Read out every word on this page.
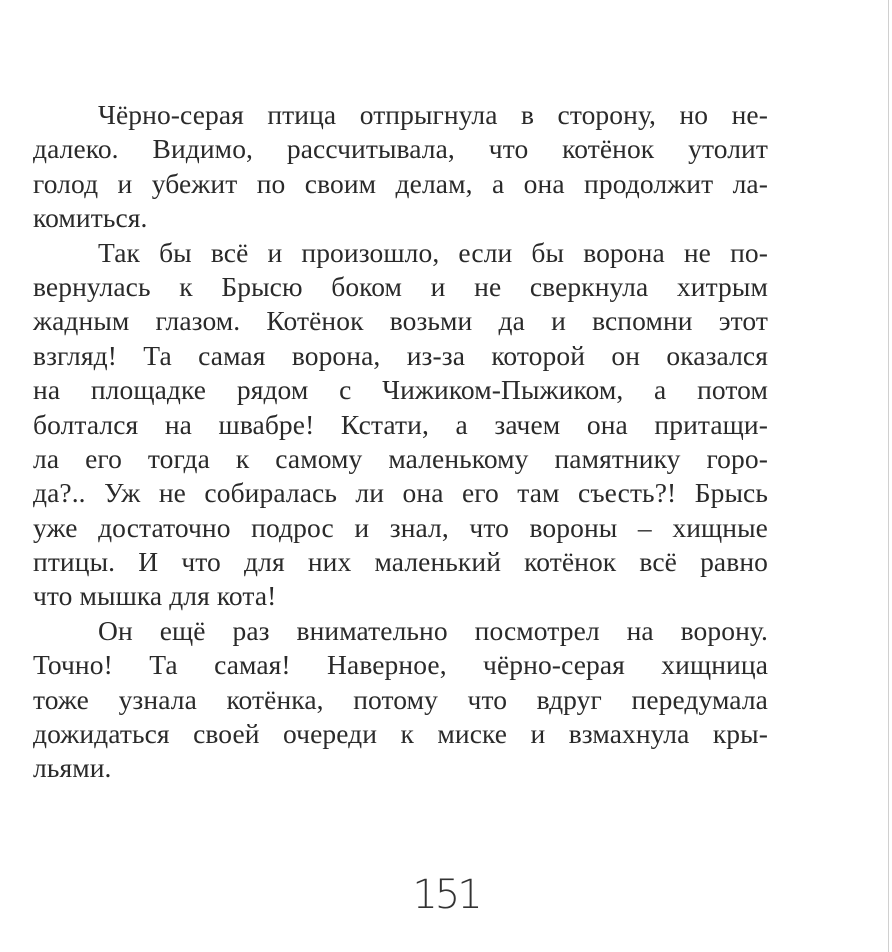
Чёрно-серая птица отпрыгнула в сторону, но не-
далеко. Видимо, рассчитывала, что котёнок утолит
голод и убежит по своим делам, а она продолжит ла-
комиться.
Так бы всё и произошло, если бы ворона не по-
вернулась к Брысю боком и не сверкнула хитрым
жадным глазом. Котёнок возьми да и вспомни этот
взгляд! Та самая ворона, из-за которой он оказался
на площадке рядом с Чижиком-Пыжиком, а потом
болтался на швабре! Кстати, а зачем она притащи-
ла его тогда к самому маленькому памятнику горо-
да?.. Уж не собиралась ли она его там съесть?! Брысь
уже достаточно подрос и знал, что вороны – хищные
птицы. И что для них маленький котёнок всё равно
что мышка для кота!
Он ещё раз внимательно посмотрел на ворону.
Точно! Та самая! Наверное, чёрно-серая хищница
тоже узнала котёнка, потому что вдруг передумала
дожидаться своей очереди к миске и взмахнула кры-
льями.
151
